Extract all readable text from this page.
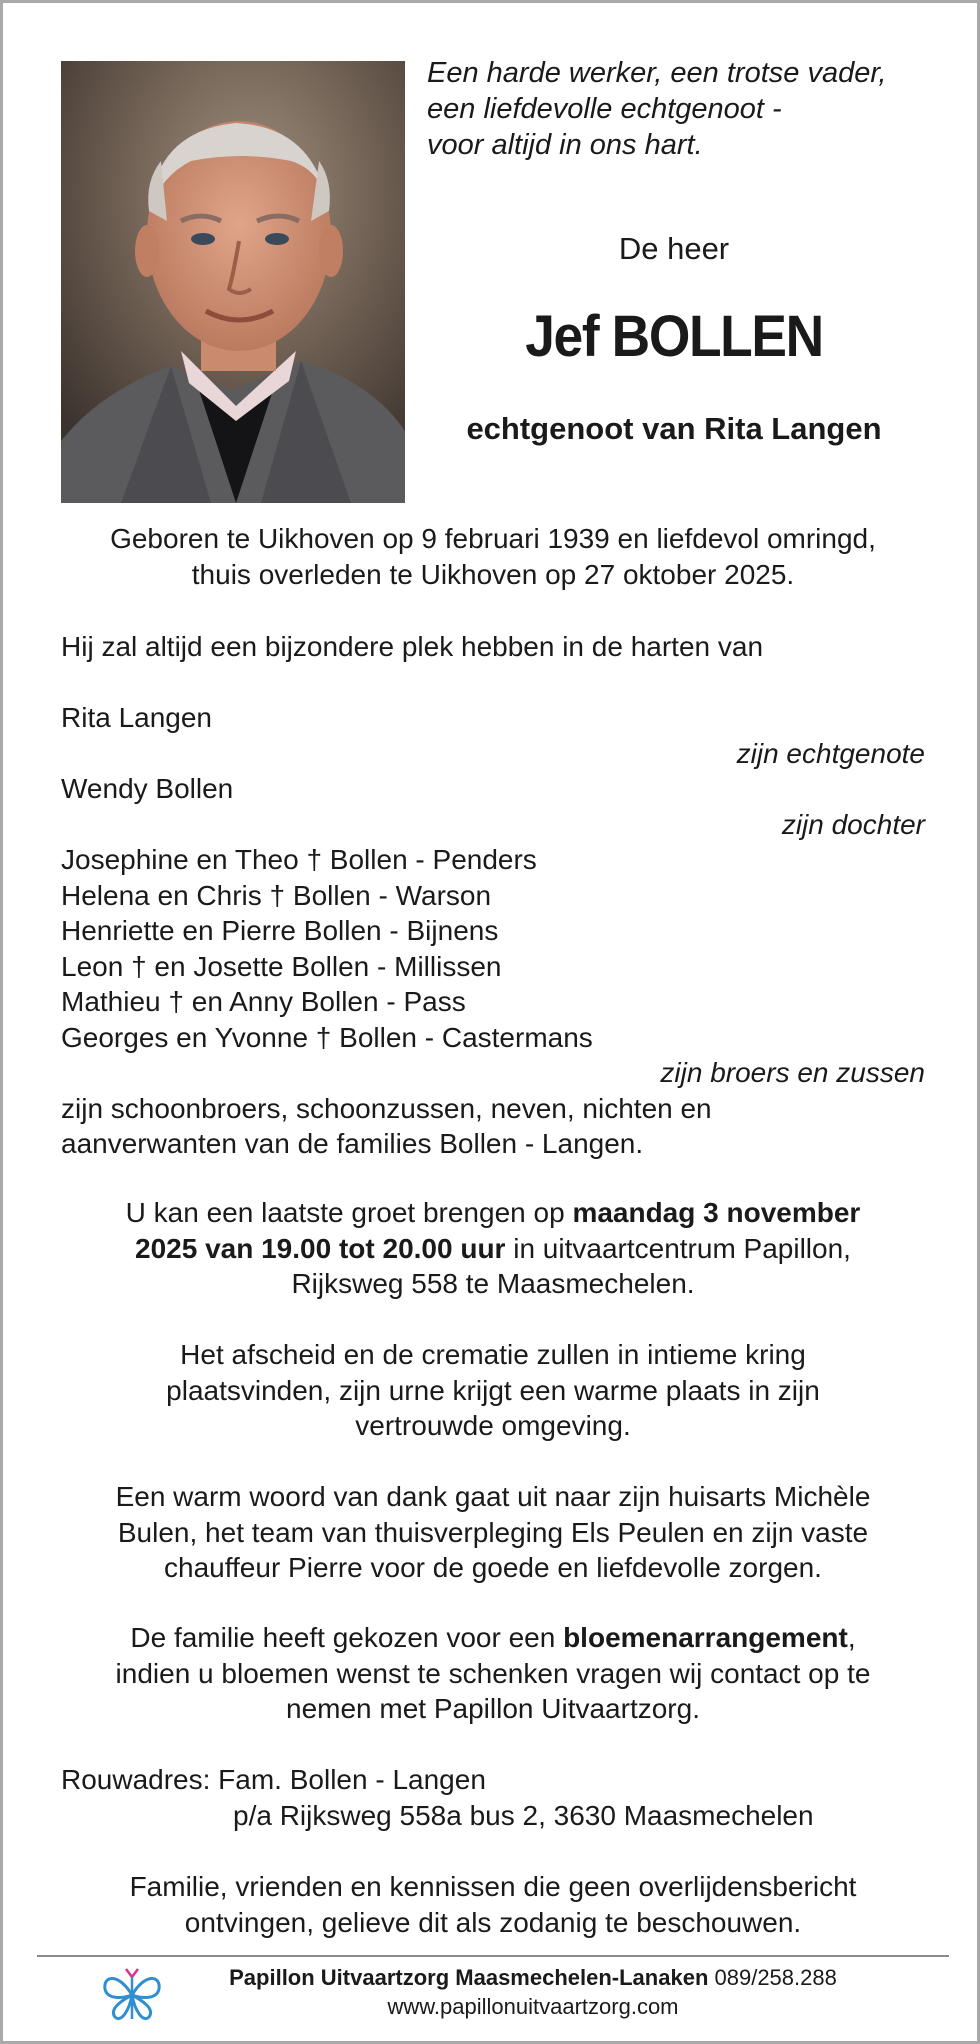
Een harde werker, een trotse vader,
een liefdevolle echtgenoot -
voor altijd in ons hart.
De heer
Jef BOLLEN
echtgenoot van Rita Langen
Geboren te Uikhoven op 9 februari 1939 en liefdevol omringd,
thuis overleden te Uikhoven op 27 oktober 2025.
Hij zal altijd een bijzondere plek hebben in de harten van
Rita Langen
zijn echtgenote
Wendy Bollen
zijn dochter
Josephine en Theo † Bollen - Penders
Helena en Chris † Bollen - Warson
Henriette en Pierre Bollen - Bijnens
Leon † en Josette Bollen - Millissen
Mathieu † en Anny Bollen - Pass
Georges en Yvonne † Bollen - Castermans
zijn broers en zussen
zijn schoonbroers, schoonzussen, neven, nichten en
aanverwanten van de families Bollen - Langen.
U kan een laatste groet brengen op maandag 3 november
2025 van 19.00 tot 20.00 uur in uitvaartcentrum Papillon,
Rijksweg 558 te Maasmechelen.
Het afscheid en de crematie zullen in intieme kring
plaatsvinden, zijn urne krijgt een warme plaats in zijn
vertrouwde omgeving.
Een warm woord van dank gaat uit naar zijn huisarts Michèle
Bulen, het team van thuisverpleging Els Peulen en zijn vaste
chauffeur Pierre voor de goede en liefdevolle zorgen.
De familie heeft gekozen voor een bloemenarrangement,
indien u bloemen wenst te schenken vragen wij contact op te
nemen met Papillon Uitvaartzorg.
Rouwadres: Fam. Bollen - Langen
p/a Rijksweg 558a bus 2, 3630 Maasmechelen
Familie, vrienden en kennissen die geen overlijdensbericht
ontvingen, gelieve dit als zodanig te beschouwen.
Papillon Uitvaartzorg Maasmechelen-Lanaken 089/258.288
www.papillonuitvaartzorg.com
